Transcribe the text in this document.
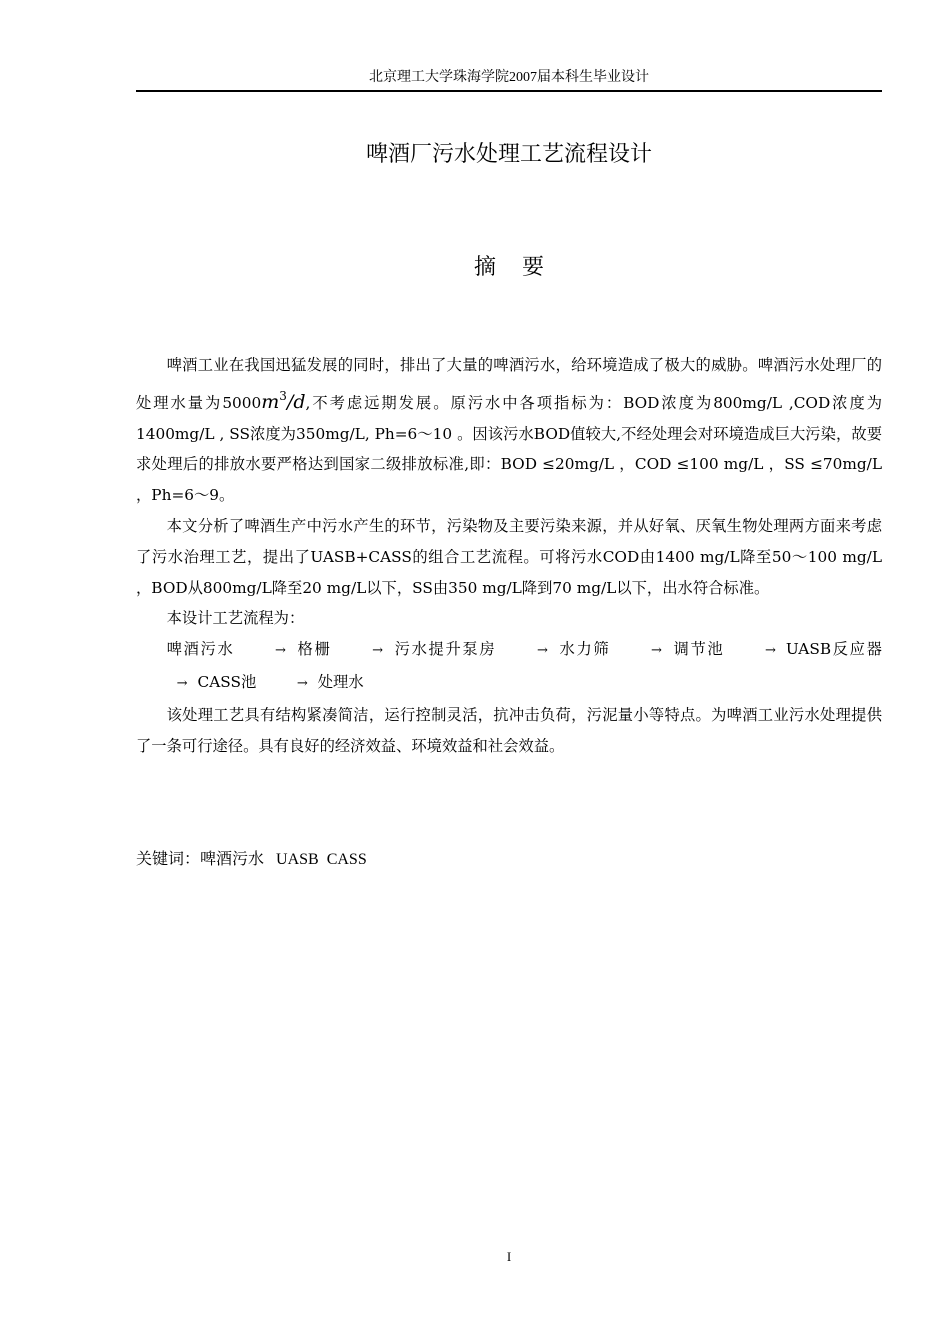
北京理工大学珠海学院2007届本科生毕业设计
啤酒厂污水处理工艺流程设计
摘要

啤酒工业在我国迅猛发展的同时，排出了大量的啤酒污水，给环境造成了极大的威胁。啤酒污水处理厂的处理水量为$5000m^3/d$,不考虑远期发展。原污水中各项指标为：BOD浓度为800mg/L ,COD浓度为1400mg/L , SS浓度为350mg/L, Ph=6～10 。因该污水BOD值较大,不经处理会对环境造成巨大污染，故要求处理后的排放水要严格达到国家二级排放标准,即：BOD ≤20mg/L ，COD ≤100 mg/L ，SS ≤70mg/L ，Ph=6～9。

本文分析了啤酒生产中污水产生的环节，污染物及主要污染来源，并从好氧、厌氧生物处理两方面来考虑了污水治理工艺，提出了UASB+CASS的组合工艺流程。可将污水COD由1400 mg/L降至50～100 mg/L ，BOD从800mg/L降至20 mg/L以下，SS由350 mg/L降到70 mg/L以下，出水符合标准。

本设计工艺流程为：

啤酒污水	→ 格栅	→ 污水提升泵房	→ 水力筛	→ 调节池	→ UASB反应器→ CASS池	→ 处理水

该处理工艺具有结构紧凑简洁，运行控制灵活，抗冲击负荷，污泥量小等特点。为啤酒工业污水处理提供了一条可行途径。具有良好的经济效益、环境效益和社会效益。

关键词：啤酒污水   UASB  CASS
I
